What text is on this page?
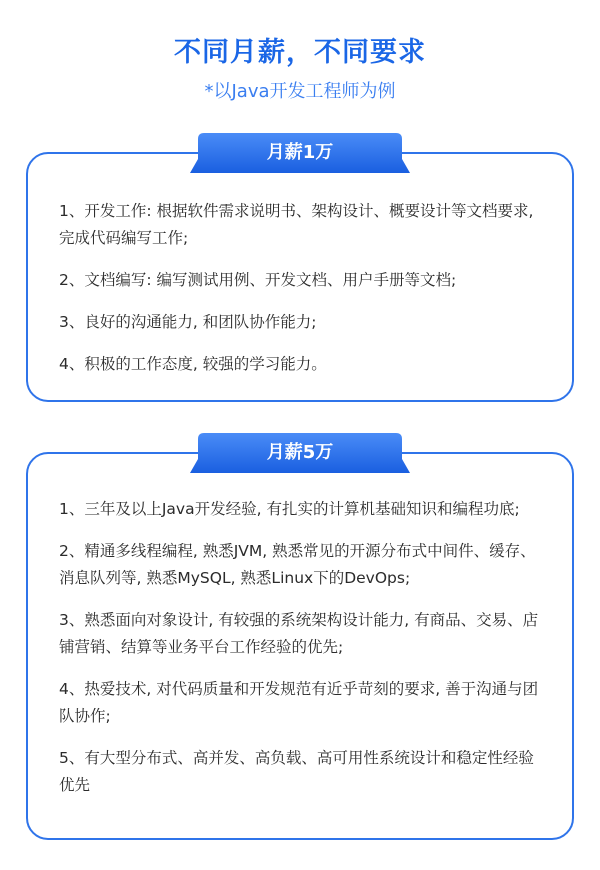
不同月薪，不同要求
*以Java开发工程师为例
1、开发工作: 根据软件需求说明书、架构设计、概要设计等文档要求, 完成代码编写工作;
2、文档编写: 编写测试用例、开发文档、用户手册等文档;
3、良好的沟通能力, 和团队协作能力;
4、积极的工作态度, 较强的学习能力。
月薪1万
1、三年及以上Java开发经验, 有扎实的计算机基础知识和编程功底;
2、精通多线程编程, 熟悉JVM, 熟悉常见的开源分布式中间件、缓存、消息队列等, 熟悉MySQL, 熟悉Linux下的DevOps;
3、熟悉面向对象设计, 有较强的系统架构设计能力, 有商品、交易、店铺营销、结算等业务平台工作经验的优先;
4、热爱技术, 对代码质量和开发规范有近乎苛刻的要求, 善于沟通与团队协作;
5、有大型分布式、高并发、高负载、高可用性系统设计和稳定性经验优先
月薪5万
